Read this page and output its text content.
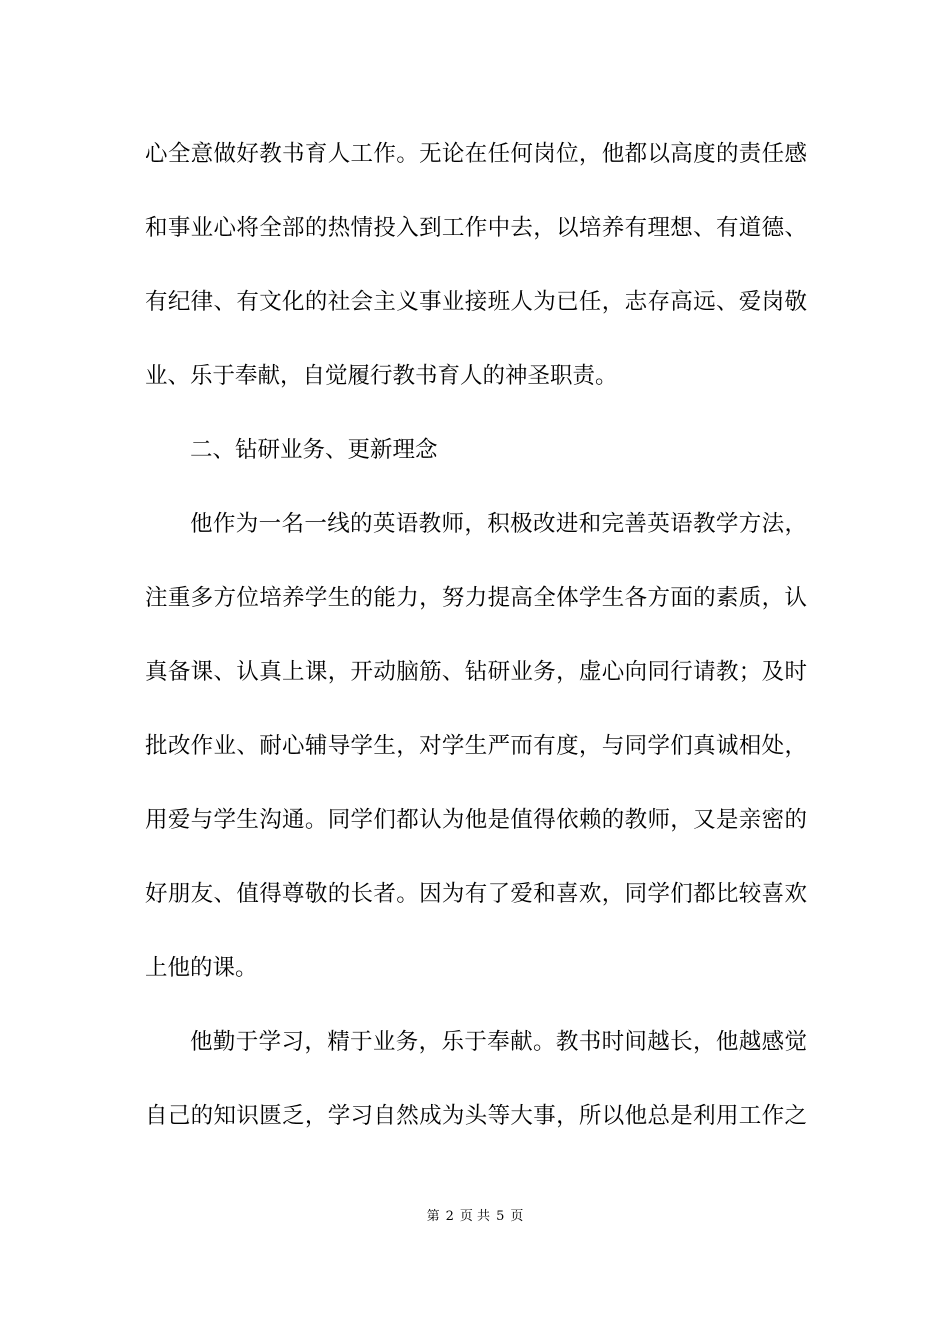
心全意做好教书育人工作。无论在任何岗位，他都以高度的责任感

和事业心将全部的热情投入到工作中去，以培养有理想、有道德、

有纪律、有文化的社会主义事业接班人为已任，志存高远、爱岗敬

业、乐于奉献，自觉履行教书育人的神圣职责。

二、钻研业务、更新理念

他作为一名一线的英语教师，积极改进和完善英语教学方法，

注重多方位培养学生的能力，努力提高全体学生各方面的素质，认

真备课、认真上课，开动脑筋、钻研业务，虚心向同行请教；及时

批改作业、耐心辅导学生，对学生严而有度，与同学们真诚相处，

用爱与学生沟通。同学们都认为他是值得依赖的教师，又是亲密的

好朋友、值得尊敬的长者。因为有了爱和喜欢，同学们都比较喜欢

上他的课。

他勤于学习，精于业务，乐于奉献。教书时间越长，他越感觉

自己的知识匮乏，学习自然成为头等大事，所以他总是利用工作之

第 2 页 共 5 页
